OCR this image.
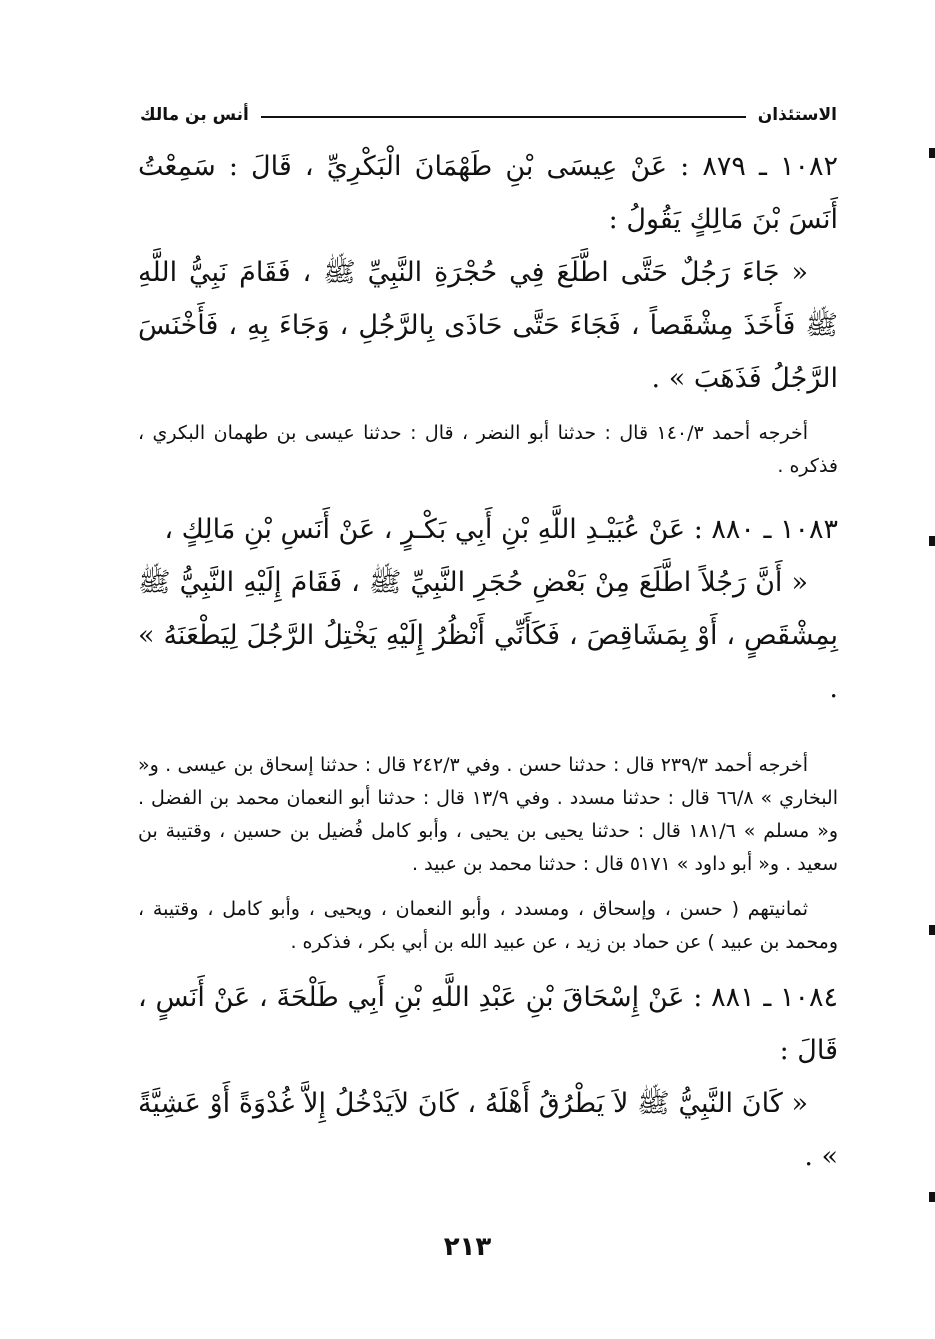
الاستئذان
أنس بن مالك

١٠٨٢ ـ ٨٧٩ : عَنْ عِيسَى بْنِ طَهْمَانَ الْبَكْرِيِّ ، قَالَ : سَمِعْتُ أَنَسَ بْنَ مَالِكٍ يَقُولُ :

« جَاءَ رَجُلٌ حَتَّى اطَّلَعَ فِي حُجْرَةِ النَّبِيِّ ﷺ ، فَقَامَ نَبِيُّ اللَّهِ ﷺ فَأَخَذَ مِشْقَصاً ، فَجَاءَ حَتَّى حَاذَى بِالرَّجُلِ ، وَجَاءَ بِهِ ، فَأَخْنَسَ الرَّجُلُ فَذَهَبَ » .

أخرجه أحمد ١٤٠/٣ قال : حدثنا أبو النضر ، قال : حدثنا عيسى بن طهمان البكري ، فذكره .

١٠٨٣ ـ ٨٨٠ : عَنْ عُبَيْـدِ اللَّهِ بْنِ أَبِي بَكْـرٍ ، عَنْ أَنَسِ بْنِ مَالِكٍ ،

« أَنَّ رَجُلاً اطَّلَعَ مِنْ بَعْضِ حُجَرِ النَّبِيِّ ﷺ ، فَقَامَ إِلَيْهِ النَّبِيُّ ﷺ بِمِشْقَصٍ ، أَوْ بِمَشَاقِصَ ، فَكَأَنِّي أَنْظُرُ إِلَيْهِ يَخْتِلُ الرَّجُلَ لِيَطْعَنَهُ » .

أخرجه أحمد ٢٣٩/٣ قال : حدثنا حسن . وفي ٢٤٢/٣ قال : حدثنا إسحاق بن عيسى . و« البخاري » ٦٦/٨ قال : حدثنا مسدد . وفي ١٣/٩ قال : حدثنا أبو النعمان محمد بن الفضل . و« مسلم » ١٨١/٦ قال : حدثنا يحيى بن يحيى ، وأبو كامل فُضيل بن حسين ، وقتيبة بن سعيد . و« أبو داود » ٥١٧١ قال : حدثنا محمد بن عبيد .

ثمانيتهم ( حسن ، وإسحاق ، ومسدد ، وأبو النعمان ، ويحيى ، وأبو كامل ، وقتيبة ، ومحمد بن عبيد ) عن حماد بن زيد ، عن عبيد الله بن أبي بكر ، فذكره .

١٠٨٤ ـ ٨٨١ : عَنْ إِسْحَاقَ بْنِ عَبْدِ اللَّهِ بْنِ أَبِي طَلْحَةَ ، عَنْ أَنَسٍ ، قَالَ :

« كَانَ النَّبِيُّ ﷺ لاَ يَطْرُقُ أَهْلَهُ ، كَانَ لاَيَدْخُلُ إِلاَّ غُدْوَةً أَوْ عَشِيَّةً » .

٢١٣
